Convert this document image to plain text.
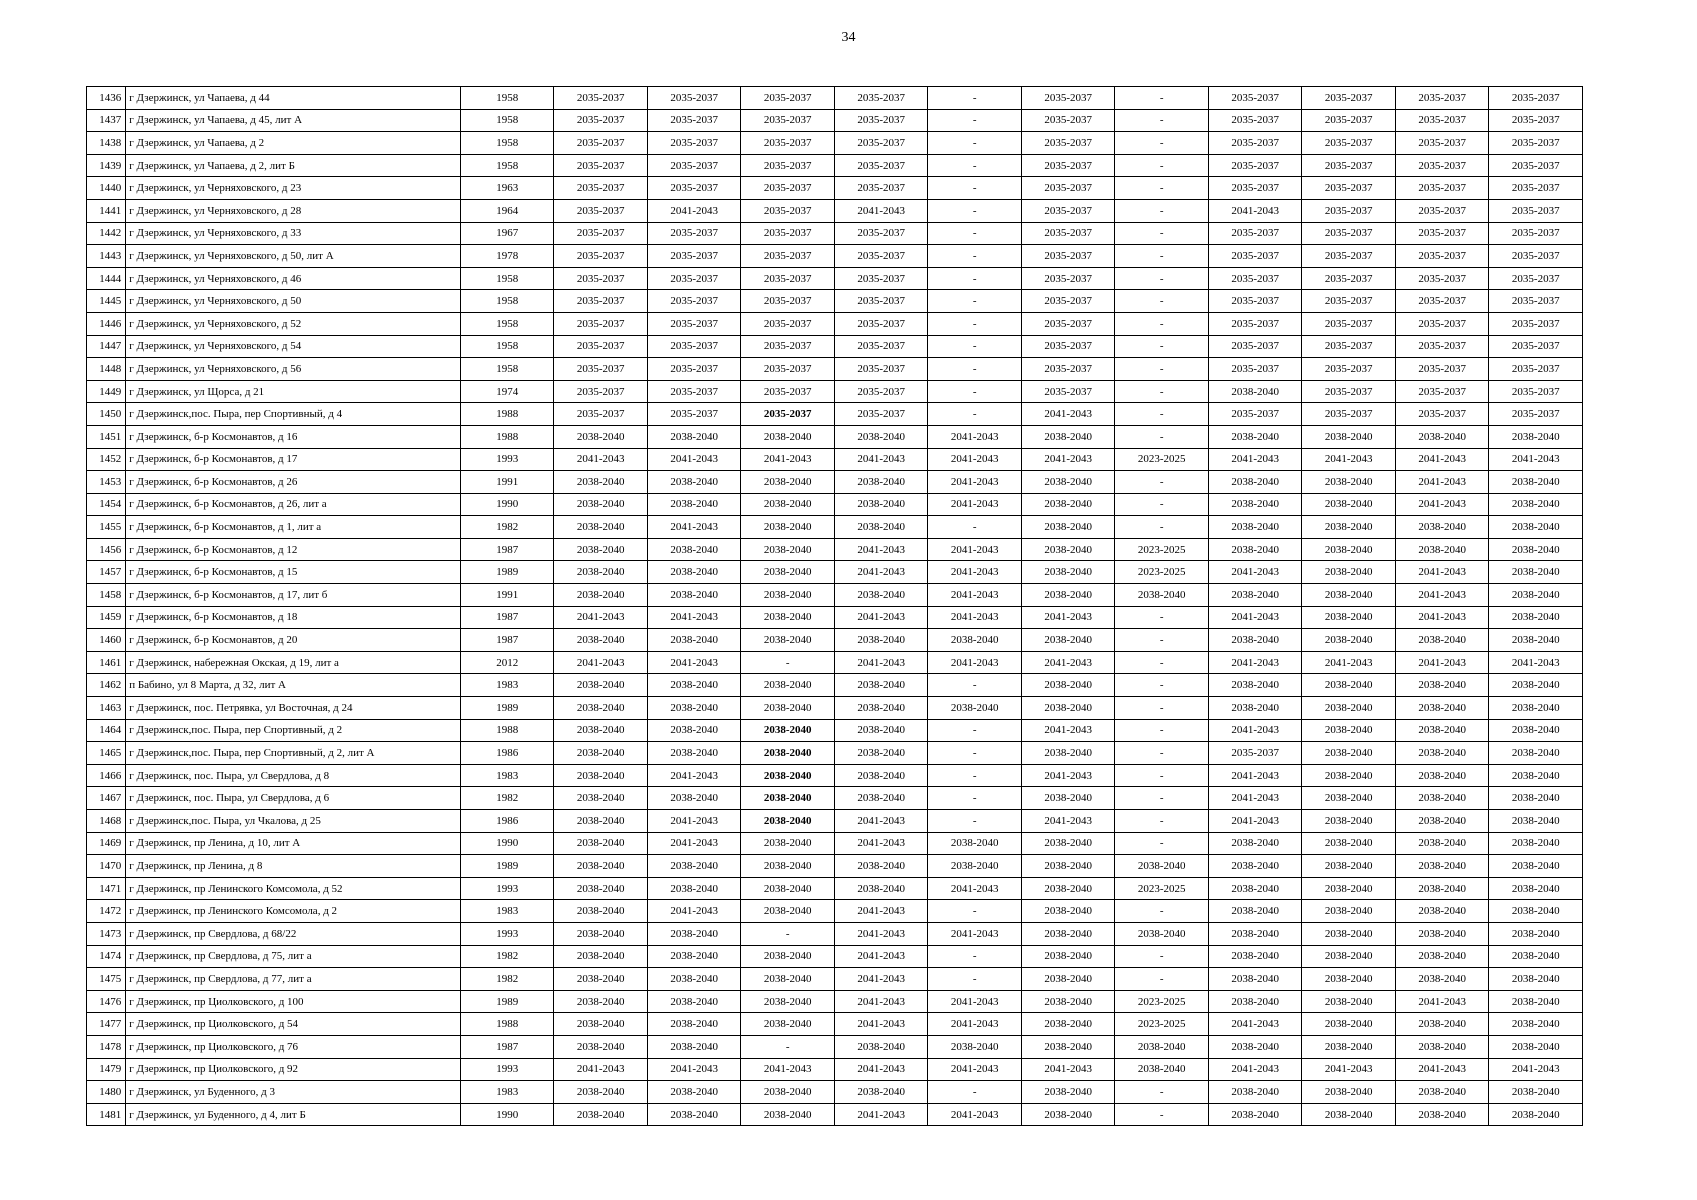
34
1436	г Дзержинск, ул Чапаева, д 44	1958	2035-2037	2035-2037	2035-2037	2035-2037	-	2035-2037	-	2035-2037	2035-2037	2035-2037	2035-2037
1437	г Дзержинск, ул Чапаева, д 45, лит А	1958	2035-2037	2035-2037	2035-2037	2035-2037	-	2035-2037	-	2035-2037	2035-2037	2035-2037	2035-2037
1438	г Дзержинск, ул Чапаева, д 2	1958	2035-2037	2035-2037	2035-2037	2035-2037	-	2035-2037	-	2035-2037	2035-2037	2035-2037	2035-2037
1439	г Дзержинск, ул Чапаева, д 2, лит Б	1958	2035-2037	2035-2037	2035-2037	2035-2037	-	2035-2037	-	2035-2037	2035-2037	2035-2037	2035-2037
1440	г Дзержинск, ул Черняховского, д 23	1963	2035-2037	2035-2037	2035-2037	2035-2037	-	2035-2037	-	2035-2037	2035-2037	2035-2037	2035-2037
1441	г Дзержинск, ул Черняховского, д 28	1964	2035-2037	2041-2043	2035-2037	2041-2043	-	2035-2037	-	2041-2043	2035-2037	2035-2037	2035-2037
1442	г Дзержинск, ул Черняховского, д 33	1967	2035-2037	2035-2037	2035-2037	2035-2037	-	2035-2037	-	2035-2037	2035-2037	2035-2037	2035-2037
1443	г Дзержинск, ул Черняховского, д 50, лит А	1978	2035-2037	2035-2037	2035-2037	2035-2037	-	2035-2037	-	2035-2037	2035-2037	2035-2037	2035-2037
1444	г Дзержинск, ул Черняховского, д 46	1958	2035-2037	2035-2037	2035-2037	2035-2037	-	2035-2037	-	2035-2037	2035-2037	2035-2037	2035-2037
1445	г Дзержинск, ул Черняховского, д 50	1958	2035-2037	2035-2037	2035-2037	2035-2037	-	2035-2037	-	2035-2037	2035-2037	2035-2037	2035-2037
1446	г Дзержинск, ул Черняховского, д 52	1958	2035-2037	2035-2037	2035-2037	2035-2037	-	2035-2037	-	2035-2037	2035-2037	2035-2037	2035-2037
1447	г Дзержинск, ул Черняховского, д 54	1958	2035-2037	2035-2037	2035-2037	2035-2037	-	2035-2037	-	2035-2037	2035-2037	2035-2037	2035-2037
1448	г Дзержинск, ул Черняховского, д 56	1958	2035-2037	2035-2037	2035-2037	2035-2037	-	2035-2037	-	2035-2037	2035-2037	2035-2037	2035-2037
1449	г Дзержинск, ул Щорса, д 21	1974	2035-2037	2035-2037	2035-2037	2035-2037	-	2035-2037	-	2038-2040	2035-2037	2035-2037	2035-2037
1450	г Дзержинск,пос. Пыра, пер Спортивный, д 4	1988	2035-2037	2035-2037	2035-2037	2035-2037	-	2041-2043	-	2035-2037	2035-2037	2035-2037	2035-2037
1451	г Дзержинск, б-р Космонавтов, д 16	1988	2038-2040	2038-2040	2038-2040	2038-2040	2041-2043	2038-2040	-	2038-2040	2038-2040	2038-2040	2038-2040
1452	г Дзержинск, б-р Космонавтов, д 17	1993	2041-2043	2041-2043	2041-2043	2041-2043	2041-2043	2041-2043	2023-2025	2041-2043	2041-2043	2041-2043	2041-2043
1453	г Дзержинск, б-р Космонавтов, д 26	1991	2038-2040	2038-2040	2038-2040	2038-2040	2041-2043	2038-2040	-	2038-2040	2038-2040	2041-2043	2038-2040
1454	г Дзержинск, б-р Космонавтов, д 26, лит а	1990	2038-2040	2038-2040	2038-2040	2038-2040	2041-2043	2038-2040	-	2038-2040	2038-2040	2041-2043	2038-2040
1455	г Дзержинск, б-р Космонавтов, д 1, лит а	1982	2038-2040	2041-2043	2038-2040	2038-2040	-	2038-2040	-	2038-2040	2038-2040	2038-2040	2038-2040
1456	г Дзержинск, б-р Космонавтов, д 12	1987	2038-2040	2038-2040	2038-2040	2041-2043	2041-2043	2038-2040	2023-2025	2038-2040	2038-2040	2038-2040	2038-2040
1457	г Дзержинск, б-р Космонавтов, д 15	1989	2038-2040	2038-2040	2038-2040	2041-2043	2041-2043	2038-2040	2023-2025	2041-2043	2038-2040	2041-2043	2038-2040
1458	г Дзержинск, б-р Космонавтов, д 17, лит б	1991	2038-2040	2038-2040	2038-2040	2038-2040	2041-2043	2038-2040	2038-2040	2038-2040	2038-2040	2041-2043	2038-2040
1459	г Дзержинск, б-р Космонавтов, д 18	1987	2041-2043	2041-2043	2038-2040	2041-2043	2041-2043	2041-2043	-	2041-2043	2038-2040	2041-2043	2038-2040
1460	г Дзержинск, б-р Космонавтов, д 20	1987	2038-2040	2038-2040	2038-2040	2038-2040	2038-2040	2038-2040	-	2038-2040	2038-2040	2038-2040	2038-2040
1461	г Дзержинск, набережная Окская, д 19, лит а	2012	2041-2043	2041-2043	-	2041-2043	2041-2043	2041-2043	-	2041-2043	2041-2043	2041-2043	2041-2043
1462	п Бабино, ул 8 Марта, д 32, лит А	1983	2038-2040	2038-2040	2038-2040	2038-2040	-	2038-2040	-	2038-2040	2038-2040	2038-2040	2038-2040
1463	г Дзержинск, пос. Петрявка, ул Восточная, д 24	1989	2038-2040	2038-2040	2038-2040	2038-2040	2038-2040	2038-2040	-	2038-2040	2038-2040	2038-2040	2038-2040
1464	г Дзержинск,пос. Пыра, пер Спортивный, д 2	1988	2038-2040	2038-2040	2038-2040	2038-2040	-	2041-2043	-	2041-2043	2038-2040	2038-2040	2038-2040
1465	г Дзержинск,пос. Пыра, пер Спортивный, д 2, лит А	1986	2038-2040	2038-2040	2038-2040	2038-2040	-	2038-2040	-	2035-2037	2038-2040	2038-2040	2038-2040
1466	г Дзержинск, пос. Пыра, ул Свердлова, д 8	1983	2038-2040	2041-2043	2038-2040	2038-2040	-	2041-2043	-	2041-2043	2038-2040	2038-2040	2038-2040
1467	г Дзержинск, пос. Пыра, ул Свердлова, д 6	1982	2038-2040	2038-2040	2038-2040	2038-2040	-	2038-2040	-	2041-2043	2038-2040	2038-2040	2038-2040
1468	г Дзержинск,пос. Пыра, ул Чкалова, д 25	1986	2038-2040	2041-2043	2038-2040	2041-2043	-	2041-2043	-	2041-2043	2038-2040	2038-2040	2038-2040
1469	г Дзержинск, пр Ленина, д 10, лит А	1990	2038-2040	2041-2043	2038-2040	2041-2043	2038-2040	2038-2040	-	2038-2040	2038-2040	2038-2040	2038-2040
1470	г Дзержинск, пр Ленина, д 8	1989	2038-2040	2038-2040	2038-2040	2038-2040	2038-2040	2038-2040	2038-2040	2038-2040	2038-2040	2038-2040	2038-2040
1471	г Дзержинск, пр Ленинского Комсомола, д 52	1993	2038-2040	2038-2040	2038-2040	2038-2040	2041-2043	2038-2040	2023-2025	2038-2040	2038-2040	2038-2040	2038-2040
1472	г Дзержинск, пр Ленинского Комсомола, д 2	1983	2038-2040	2041-2043	2038-2040	2041-2043	-	2038-2040	-	2038-2040	2038-2040	2038-2040	2038-2040
1473	г Дзержинск, пр Свердлова, д 68/22	1993	2038-2040	2038-2040	-	2041-2043	2041-2043	2038-2040	2038-2040	2038-2040	2038-2040	2038-2040	2038-2040
1474	г Дзержинск, пр Свердлова, д 75, лит а	1982	2038-2040	2038-2040	2038-2040	2041-2043	-	2038-2040	-	2038-2040	2038-2040	2038-2040	2038-2040
1475	г Дзержинск, пр Свердлова, д 77, лит а	1982	2038-2040	2038-2040	2038-2040	2041-2043	-	2038-2040	-	2038-2040	2038-2040	2038-2040	2038-2040
1476	г Дзержинск, пр Циолковского, д 100	1989	2038-2040	2038-2040	2038-2040	2041-2043	2041-2043	2038-2040	2023-2025	2038-2040	2038-2040	2041-2043	2038-2040
1477	г Дзержинск, пр Циолковского, д 54	1988	2038-2040	2038-2040	2038-2040	2041-2043	2041-2043	2038-2040	2023-2025	2041-2043	2038-2040	2038-2040	2038-2040
1478	г Дзержинск, пр Циолковского, д 76	1987	2038-2040	2038-2040	-	2038-2040	2038-2040	2038-2040	2038-2040	2038-2040	2038-2040	2038-2040	2038-2040
1479	г Дзержинск, пр Циолковского, д 92	1993	2041-2043	2041-2043	2041-2043	2041-2043	2041-2043	2041-2043	2038-2040	2041-2043	2041-2043	2041-2043	2041-2043
1480	г Дзержинск, ул Буденного, д 3	1983	2038-2040	2038-2040	2038-2040	2038-2040	-	2038-2040	-	2038-2040	2038-2040	2038-2040	2038-2040
1481	г Дзержинск, ул Буденного, д 4, лит Б	1990	2038-2040	2038-2040	2038-2040	2041-2043	2041-2043	2038-2040	-	2038-2040	2038-2040	2038-2040	2038-2040
